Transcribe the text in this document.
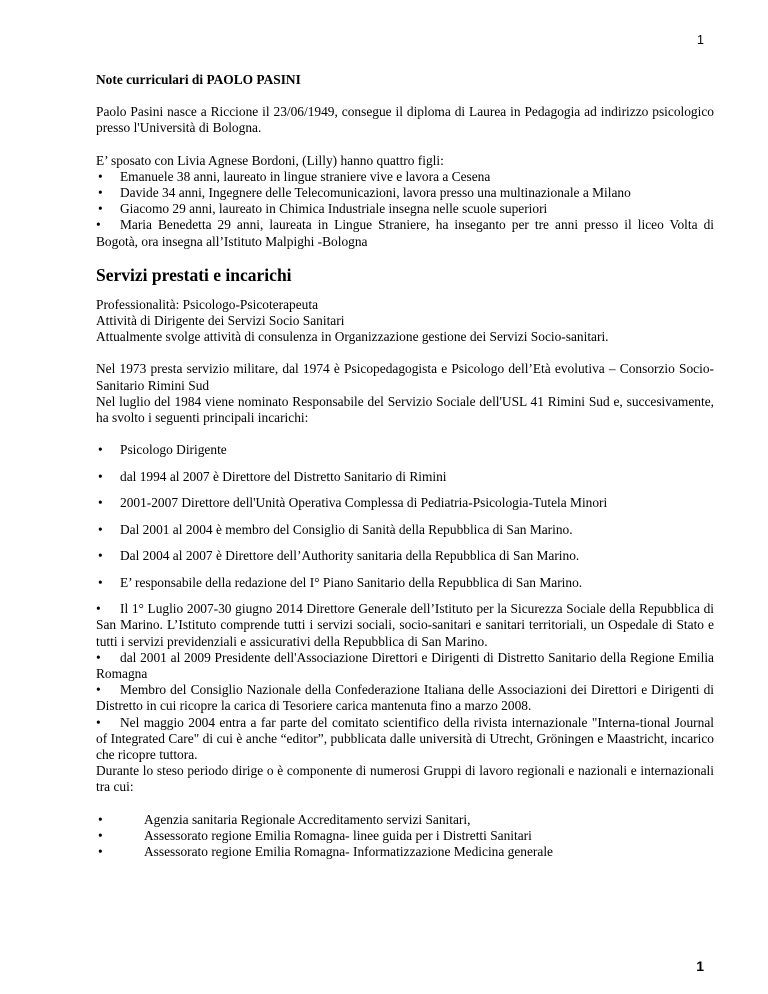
1

Note curriculari di PAOLO PASINI

Paolo Pasini nasce a Riccione il 23/06/1949, consegue il diploma di Laurea in Pedagogia ad indirizzo psicologico presso l'Università di Bologna.

E’ sposato con Livia Agnese Bordoni, (Lilly) hanno quattro figli:

• Emanuele 38 anni, laureato in lingue straniere vive e lavora a Cesena
• Davide 34 anni, Ingegnere delle Telecomunicazioni, lavora presso una multinazionale a Milano
• Giacomo 29 anni, laureato in Chimica Industriale insegna nelle scuole superiori
• Maria Benedetta 29 anni, laureata in Lingue Straniere, ha inseganto per tre anni presso il liceo Volta di Bogotà, ora insegna all’Istituto Malpighi -Bologna

Servizi prestati e incarichi

Professionalità: Psicologo-Psicoterapeuta

Attività di Dirigente dei Servizi Socio Sanitari

Attualmente svolge attività di consulenza in Organizzazione gestione dei Servizi Socio-sanitari.

Nel 1973 presta servizio militare, dal 1974 è Psicopedagogista e Psicologo dell’Età evolutiva – Consorzio Socio-Sanitario Rimini Sud

Nel luglio del 1984 viene nominato Responsabile del Servizio Sociale dell'USL 41 Rimini Sud e, succesivamente, ha svolto i seguenti principali incarichi:

• Psicologo Dirigente
• dal 1994 al 2007 è Direttore del Distretto Sanitario di Rimini
• 2001-2007 Direttore dell'Unità Operativa Complessa di Pediatria-Psicologia-Tutela Minori
• Dal 2001 al 2004 è membro del Consiglio di Sanità della Repubblica di San Marino.
• Dal 2004 al 2007 è Direttore dell’Authority sanitaria della Repubblica di San Marino.
• E’ responsabile della redazione del I° Piano Sanitario della Repubblica di San Marino.
• Il 1° Luglio 2007-30 giugno 2014 Direttore Generale dell’Istituto per la Sicurezza Sociale della Repubblica di San Marino. L’Istituto comprende tutti i servizi sociali, socio-sanitari e sanitari territoriali, un Ospedale di Stato e tutti i servizi previdenziali e assicurativi della Repubblica di San Marino.
• dal 2001 al 2009 Presidente dell'Associazione Direttori e Dirigenti di Distretto Sanitario della Regione Emilia Romagna
• Membro del Consiglio Nazionale della Confederazione Italiana delle Associazioni dei Direttori e Dirigenti di Distretto in cui ricopre la carica di Tesoriere carica mantenuta fino a marzo 2008.
• Nel maggio 2004 entra a far parte del comitato scientifico della rivista internazionale "Interna-tional Journal of Integrated Care" di cui è anche “editor”, pubblicata dalle università di Utrecht, Gröningen e Maastricht, incarico che ricopre tuttora.

Durante lo steso periodo dirige o è componente di numerosi Gruppi di lavoro regionali e nazionali e internazionali tra cui:

•	Agenzia sanitaria Regionale Accreditamento servizi Sanitari,
•	Assessorato regione Emilia Romagna- linee guida per i Distretti Sanitari
•	Assessorato regione Emilia Romagna- Informatizzazione Medicina generale
1
